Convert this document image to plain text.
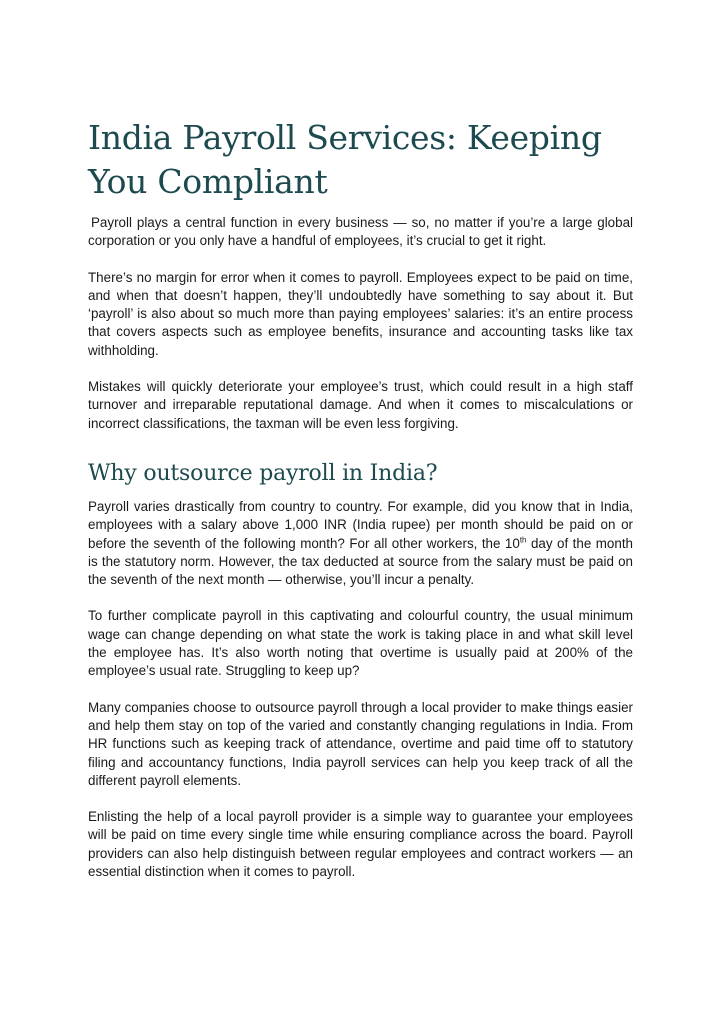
India Payroll Services: Keeping You Compliant

Payroll plays a central function in every business — so, no matter if you’re a large global corporation or you only have a handful of employees, it’s crucial to get it right.

There’s no margin for error when it comes to payroll. Employees expect to be paid on time, and when that doesn’t happen, they’ll undoubtedly have something to say about it. But ‘payroll’ is also about so much more than paying employees’ salaries: it’s an entire process that covers aspects such as employee benefits, insurance and accounting tasks like tax withholding.

Mistakes will quickly deteriorate your employee’s trust, which could result in a high staff turnover and irreparable reputational damage. And when it comes to miscalculations or incorrect classifications, the taxman will be even less forgiving.

Why outsource payroll in India?

Payroll varies drastically from country to country. For example, did you know that in India, employees with a salary above 1,000 INR (India rupee) per month should be paid on or before the seventh of the following month? For all other workers, the 10th day of the month is the statutory norm. However, the tax deducted at source from the salary must be paid on the seventh of the next month — otherwise, you’ll incur a penalty.

To further complicate payroll in this captivating and colourful country, the usual minimum wage can change depending on what state the work is taking place in and what skill level the employee has. It’s also worth noting that overtime is usually paid at 200% of the employee’s usual rate. Struggling to keep up?

Many companies choose to outsource payroll through a local provider to make things easier and help them stay on top of the varied and constantly changing regulations in India. From HR functions such as keeping track of attendance, overtime and paid time off to statutory filing and accountancy functions, India payroll services can help you keep track of all the different payroll elements.

Enlisting the help of a local payroll provider is a simple way to guarantee your employees will be paid on time every single time while ensuring compliance across the board. Payroll providers can also help distinguish between regular employees and contract workers — an essential distinction when it comes to payroll.
